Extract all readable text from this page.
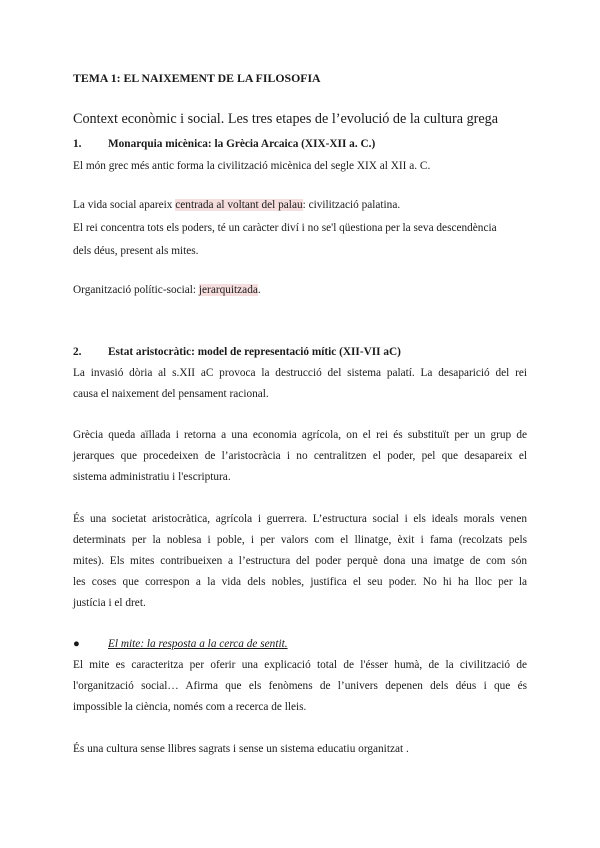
TEMA 1: EL NAIXEMENT DE LA FILOSOFIA
Context econòmic i social. Les tres etapes de l’evolució de la cultura grega
1. Monarquia micènica: la Grècia Arcaica (XIX-XII a. C.)
El món grec més antic forma la civilització micènica del segle XIX al XII a. C.
La vida social apareix centrada al voltant del palau: civilització palatina.
El rei concentra tots els poders, té un caràcter diví i no se'l qüestiona per la seva descendència
dels déus, present als mites.
Organització polític-social: jerarquitzada.
2. Estat aristocràtic: model de representació mític (XII-VII aC)
La invasió dòria al s.XII aC provoca la destrucció del sistema palatí. La desaparició del rei
causa el naixement del pensament racional.
Grècia queda aïllada i retorna a una economia agrícola, on el rei és substituït per un grup de
jerarques que procedeixen de l’aristocràcia i no centralitzen el poder, pel que desapareix el
sistema administratiu i l'escriptura.
És una societat aristocràtica, agrícola i guerrera. L’estructura social i els ideals morals venen
determinats per la noblesa i poble, i per valors com el llinatge, èxit i fama (recolzats pels
mites). Els mites contribueixen a l’estructura del poder perquè dona una imatge de com són
les coses que correspon a la vida dels nobles, justifica el seu poder. No hi ha lloc per la
justícia i el dret.
● El mite: la resposta a la cerca de sentit.
El mite es caracteritza per oferir una explicació total de l'ésser humà, de la civilització de
l'organització social… Afirma que els fenòmens de l’univers depenen dels déus i que és
impossible la ciència, només com a recerca de lleis.
És una cultura sense llibres sagrats i sense un sistema educatiu organitzat .
